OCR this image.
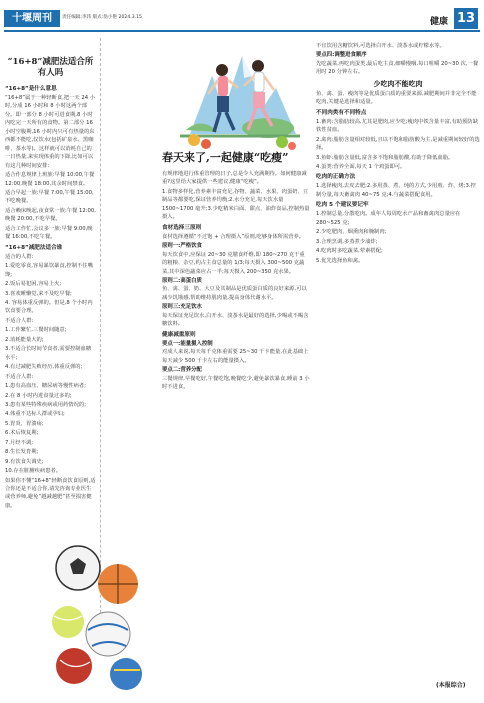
十堰周刊	责任编辑:李玮 版式:翁小艳 2024.3.15	健康 13
“16+8”减肥法适合所有人吗
“16+8”是什么意思

“16+8”属于一种轻断食,把一天 24 小时,分成 16 小时和 8 小时这两个部分。即一部分 8 小时可进食期,8 小时内吃完一天所有的食物。第二部分 16 小时空腹期,16 小时内只可有热量的东西都不能吃,仅饮水(包括矿泉水、黑咖啡、茶水等)。这样就可以消耗自己的一日热量,来实现体重的下降,比如可以有这几种时间安排:

适合作息规律上班族:早餐 10:00,午餐 12:00,晚餐 18:00,其余时间禁食。

适合早起一族:早餐 7:00,午餐 15:00,不吃晚餐。

适合赖床晚起,夜食常一族:午餐 12:00,晚餐 20:00,不吃早餐。

适合工作忙,会议多一族:早餐 9:00,晚餐 16:00,不吃午餐。

“16+8”减肥法适合谁

适合的人群:

1.爱吃零食,容易暴饮暴食,控制不住嘴馋;

2.饭后易犯困,容易上火;

3.喜欢睡懒觉,来不及吃早餐;

4. 容易体重反弹的。但是,8 个小时内饮食要合理。

不适合人群:

1.工作繁忙,三餐时间随意;

2.消耗能量大的;

3.不适合长时间节食者,需要控制血糖水平;

4.有过减肥失败经历,体重反弹的;

不适合人群:

1.患有高血压、糖尿病等慢性病者;

2.在 8 小时内进食量过多的;

3.患有某些特殊疾病或用药情况的;

4.体重不达标人群或孕妇;

5.胃炎、胃溃疡;

6.术后恢复期;

7.月经不调;

8.生长发育期;

9.有饮食失调史;

10.存在脏腑疾病患者。

如果你不懂“16+8”轻断食饮食原则,适合你还是不适合你,请先咨询专业医生或营养师,避免“越减越肥”甚至损害健康。

春天来了,一起健康“吃瘦”

有规律地进行体重管理的日子,总是令人充满期待。如何健康减重?这里给大家提供一些建议,健康“吃瘦”。

1.食物多样化,营养素丰富充足,谷物、蔬菜、水果、肉蛋奶、豆制品等都要吃,保证营养均衡;2.水分充足,每天饮水量 1500~1700 毫升;3.少吃精米白面、甜点、油炸食品,控制热量摄入。

食材选择三原则

食材选择遵循“不过饱 + 合理摄入”原则,吃够身体所需营养。

原则一:严格饮食

每天饮食中,应保证 20~30 克膳食纤维,即 180~270 克干重的粗粮、杂豆,约占主食总量的 1/3;每天摄入 300~500 克蔬菜,其中深色蔬菜应占一半;每天摄入 200~350 克水果。

原则二:高蛋白质

鱼、禽、蛋、奶、大豆及其制品是优质蛋白质的良好来源,可以减少饥饿感,帮助维持肌肉量,提高身体代谢水平。

原则三:充足饮水

每天保证充足饮水,白开水、淡茶水是最好的选择,少喝或不喝含糖饮料。

健康减重原则
要点一:能量摄入控制

对成人来说,每天每千克体重需要 25~30 千卡能量,在此基础上每天减少 500 千卡左右的能量摄入。

要点二:营养分配

三餐规律,早餐吃好,午餐吃饱,晚餐吃少,避免暴饮暴食,睡前 3 小时不进食。

不宜饮用含糖饮料,可选择白开水、淡茶水或柠檬水等。

要点四:调整进食顺序

先吃蔬菜,再吃肉蛋类,最后吃主食,细嚼慢咽,每口咀嚼 20~30 次,一餐用时 20 分钟左右。

少吃肉不能吃肉

鱼、禽、蛋、瘦肉等是优质蛋白质的重要来源,减肥期间并非完全不能吃肉,关键是选择和适量。

不同肉类有不同特点

1.畜肉:含脂肪较高,尤其是肥肉,应少吃;瘦肉中铁含量丰富,有助预防缺铁性贫血。

2.禽肉:脂肪含量相对较低,且以不饱和脂肪酸为主,是减重期间较好的选择。

3.鱼虾:脂肪含量低,富含多不饱和脂肪酸,有助于降低血脂。

4.蛋类:营养全面,每天 1 个鸡蛋即可。

吃肉的正确方法

1.选择瘦肉,去皮去肥;2.多用蒸、煮、炖的方式,少用煎、炸、烤;3.控制分量,每天畜禽肉 40~75 克;4.与蔬菜搭配食用。

吃肉 5 个建议要记牢

1.控制总量,分散吃肉。成年人每周吃水产品和畜禽肉总量应在 280~525 克;

2.少吃肥肉、烟熏肉和腌制肉;

3.合理烹调,多蒸煮少油炸;

4.吃肉时多吃蔬菜,荤素搭配;

5.优先选择鱼和禽。

(本报综合)
